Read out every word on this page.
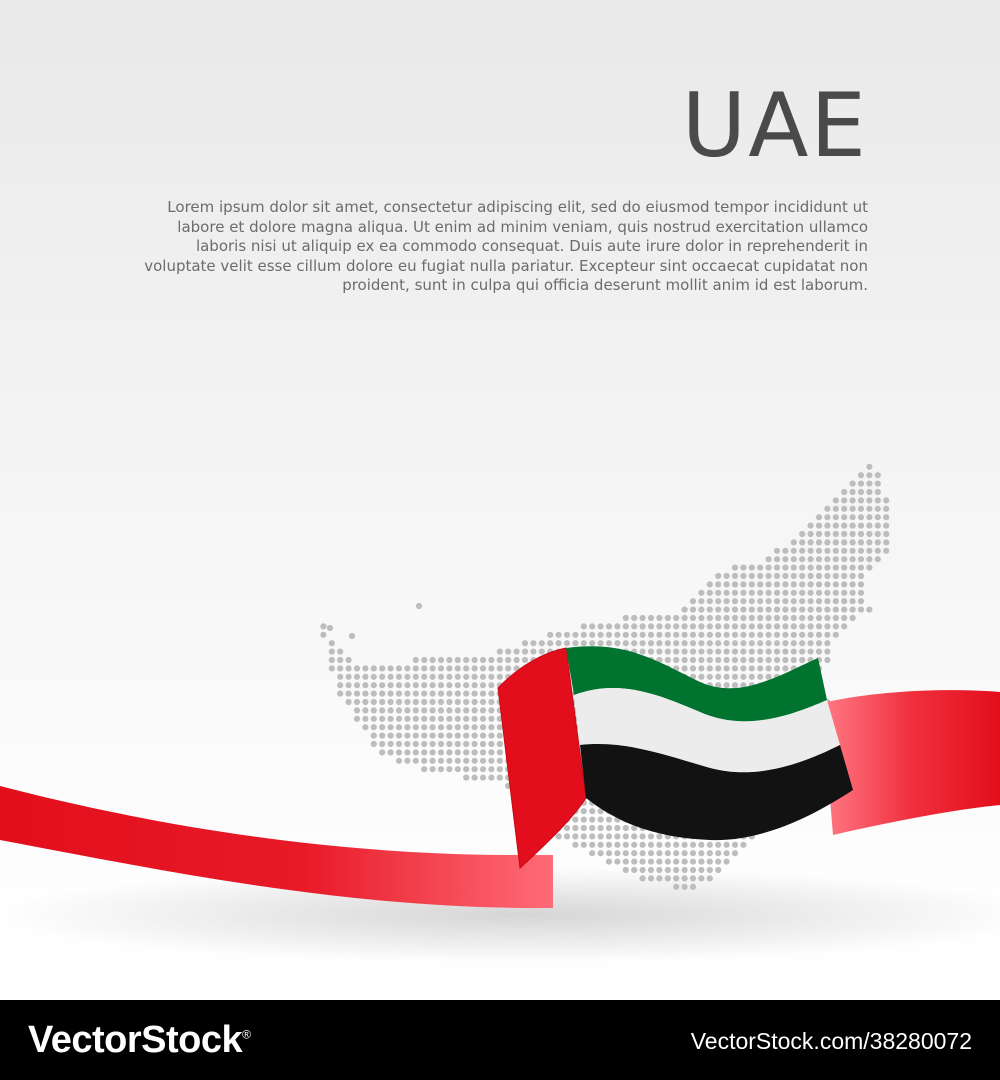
UAE
Lorem ipsum dolor sit amet, consectetur adipiscing elit, sed do eiusmod tempor incididunt ut labore et dolore magna aliqua. Ut enim ad minim veniam, quis nostrud exercitation ullamco laboris nisi ut aliquip ex ea commodo consequat. Duis aute irure dolor in reprehenderit in voluptate velit esse cillum dolore eu fugiat nulla pariatur. Excepteur sint occaecat cupidatat non proident, sunt in culpa qui officia deserunt mollit anim id est laborum.
VectorStock®	VectorStock.com/38280072
